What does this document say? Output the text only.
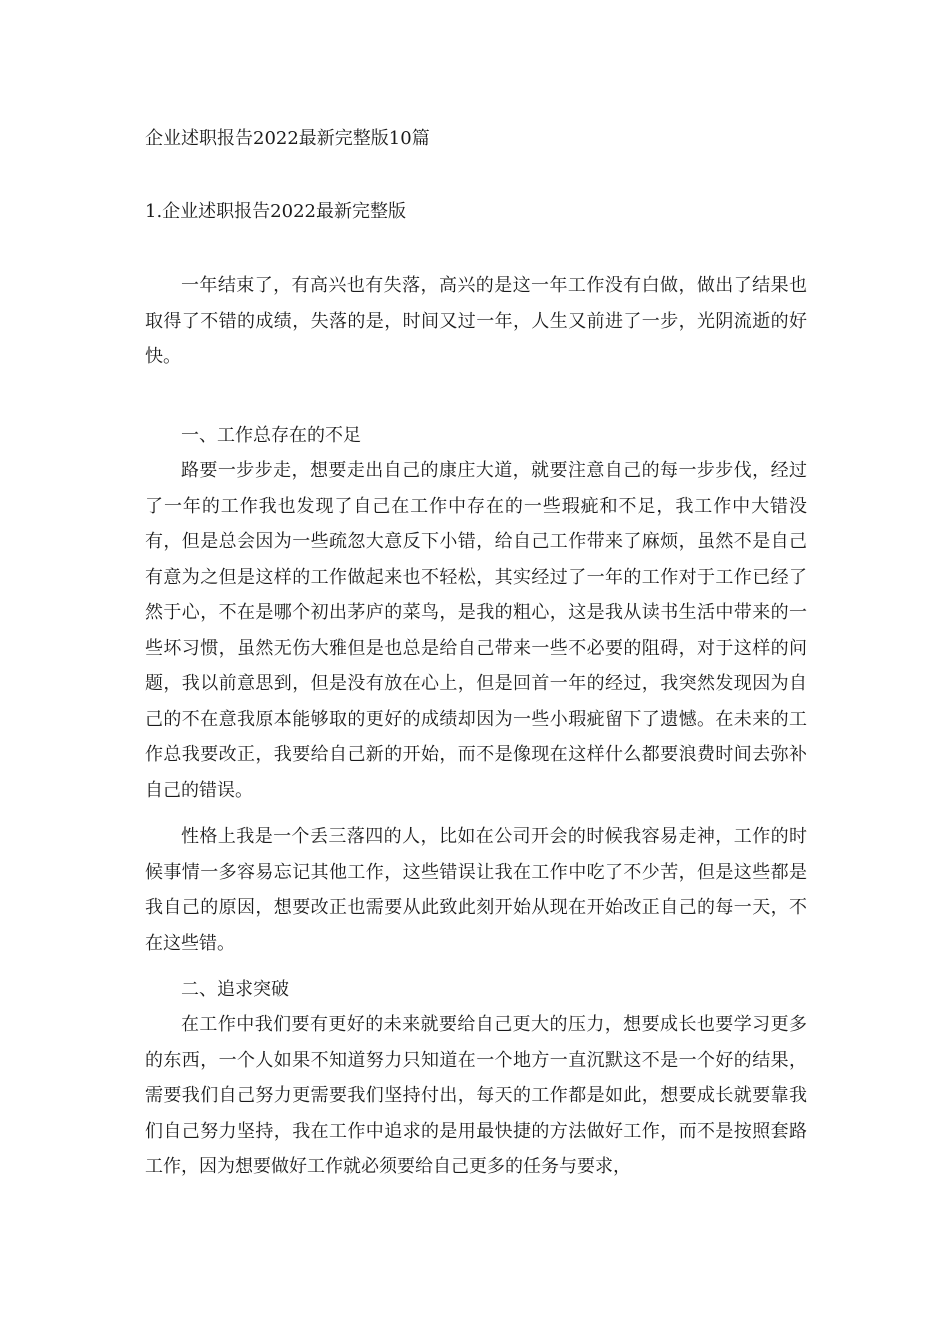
企业述职报告2022最新完整版10篇
1.企业述职报告2022最新完整版

一年结束了，有高兴也有失落，高兴的是这一年工作没有白做，做出了结果也取得了不错的成绩，失落的是，时间又过一年，人生又前进了一步，光阴流逝的好快。

一、工作总存在的不足

路要一步步走，想要走出自己的康庄大道，就要注意自己的每一步步伐，经过了一年的工作我也发现了自己在工作中存在的一些瑕疵和不足，我工作中大错没有，但是总会因为一些疏忽大意反下小错，给自己工作带来了麻烦，虽然不是自己有意为之但是这样的工作做起来也不轻松，其实经过了一年的工作对于工作已经了然于心，不在是哪个初出茅庐的菜鸟，是我的粗心，这是我从读书生活中带来的一些坏习惯，虽然无伤大雅但是也总是给自己带来一些不必要的阻碍，对于这样的问题，我以前意思到，但是没有放在心上，但是回首一年的经过，我突然发现因为自己的不在意我原本能够取的更好的成绩却因为一些小瑕疵留下了遗憾。在未来的工作总我要改正，我要给自己新的开始，而不是像现在这样什么都要浪费时间去弥补自己的错误。

性格上我是一个丢三落四的人，比如在公司开会的时候我容易走神，工作的时候事情一多容易忘记其他工作，这些错误让我在工作中吃了不少苦，但是这些都是我自己的原因，想要改正也需要从此致此刻开始从现在开始改正自己的每一天，不在这些错。

二、追求突破

在工作中我们要有更好的未来就要给自己更大的压力，想要成长也要学习更多的东西，一个人如果不知道努力只知道在一个地方一直沉默这不是一个好的结果，需要我们自己努力更需要我们坚持付出，每天的工作都是如此，想要成长就要靠我们自己努力坚持，我在工作中追求的是用最快捷的方法做好工作，而不是按照套路工作，因为想要做好工作就必须要给自己更多的任务与要求，
